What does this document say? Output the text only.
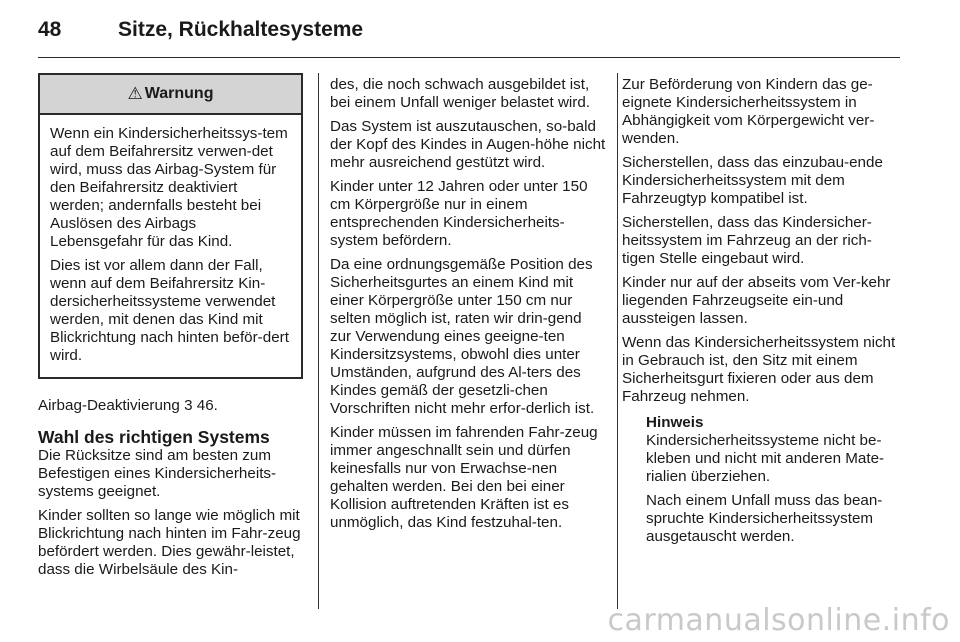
48	Sitze, Rückhaltesysteme
⚠ Warnung

Wenn ein Kindersicherheitssys-tem auf dem Beifahrersitz verwen-det wird, muss das Airbag-System für den Beifahrersitz deaktiviert werden; andernfalls besteht bei Auslösen des Airbags Lebensgefahr für das Kind.

Dies ist vor allem dann der Fall, wenn auf dem Beifahrersitz Kin-dersicherheitssysteme verwendet werden, mit denen das Kind mit Blickrichtung nach hinten beför-dert wird.

Airbag-Deaktivierung 3 46.

Wahl des richtigen Systems

Die Rücksitze sind am besten zum Befestigen eines Kindersicherheits-systems geeignet.

Kinder sollten so lange wie möglich mit Blickrichtung nach hinten im Fahr-zeug befördert werden. Dies gewähr-leistet, dass die Wirbelsäule des Kin-

des, die noch schwach ausgebildet ist, bei einem Unfall weniger belastet wird.

Das System ist auszutauschen, so-bald der Kopf des Kindes in Augen-höhe nicht mehr ausreichend gestützt wird.

Kinder unter 12 Jahren oder unter 150 cm Körpergröße nur in einem entsprechenden Kindersicherheits-system befördern.

Da eine ordnungsgemäße Position des Sicherheitsgurtes an einem Kind mit einer Körpergröße unter 150 cm nur selten möglich ist, raten wir drin-gend zur Verwendung eines geeigne-ten Kindersitzsystems, obwohl dies unter Umständen, aufgrund des Al-ters des Kindes gemäß der gesetzli-chen Vorschriften nicht mehr erfor-derlich ist.

Kinder müssen im fahrenden Fahr-zeug immer angeschnallt sein und dürfen keinesfalls nur von Erwachse-nen gehalten werden. Bei den bei einer Kollision auftretenden Kräften ist es unmöglich, das Kind festzuhal-ten.

Zur Beförderung von Kindern das ge-eignete Kindersicherheitssystem in Abhängigkeit vom Körpergewicht ver-wenden.

Sicherstellen, dass das einzubau-ende Kindersicherheitssystem mit dem Fahrzeugtyp kompatibel ist.

Sicherstellen, dass das Kindersicher-heitssystem im Fahrzeug an der rich-tigen Stelle eingebaut wird.

Kinder nur auf der abseits vom Ver-kehr liegenden Fahrzeugseite ein-und aussteigen lassen.

Wenn das Kindersicherheitssystem nicht in Gebrauch ist, den Sitz mit einem Sicherheitsgurt fixieren oder aus dem Fahrzeug nehmen.

Hinweis

Kindersicherheitssysteme nicht be-kleben und nicht mit anderen Mate-rialien überziehen.

Nach einem Unfall muss das bean-spruchte Kindersicherheitssystem ausgetauscht werden.

carmanualsonline.info
